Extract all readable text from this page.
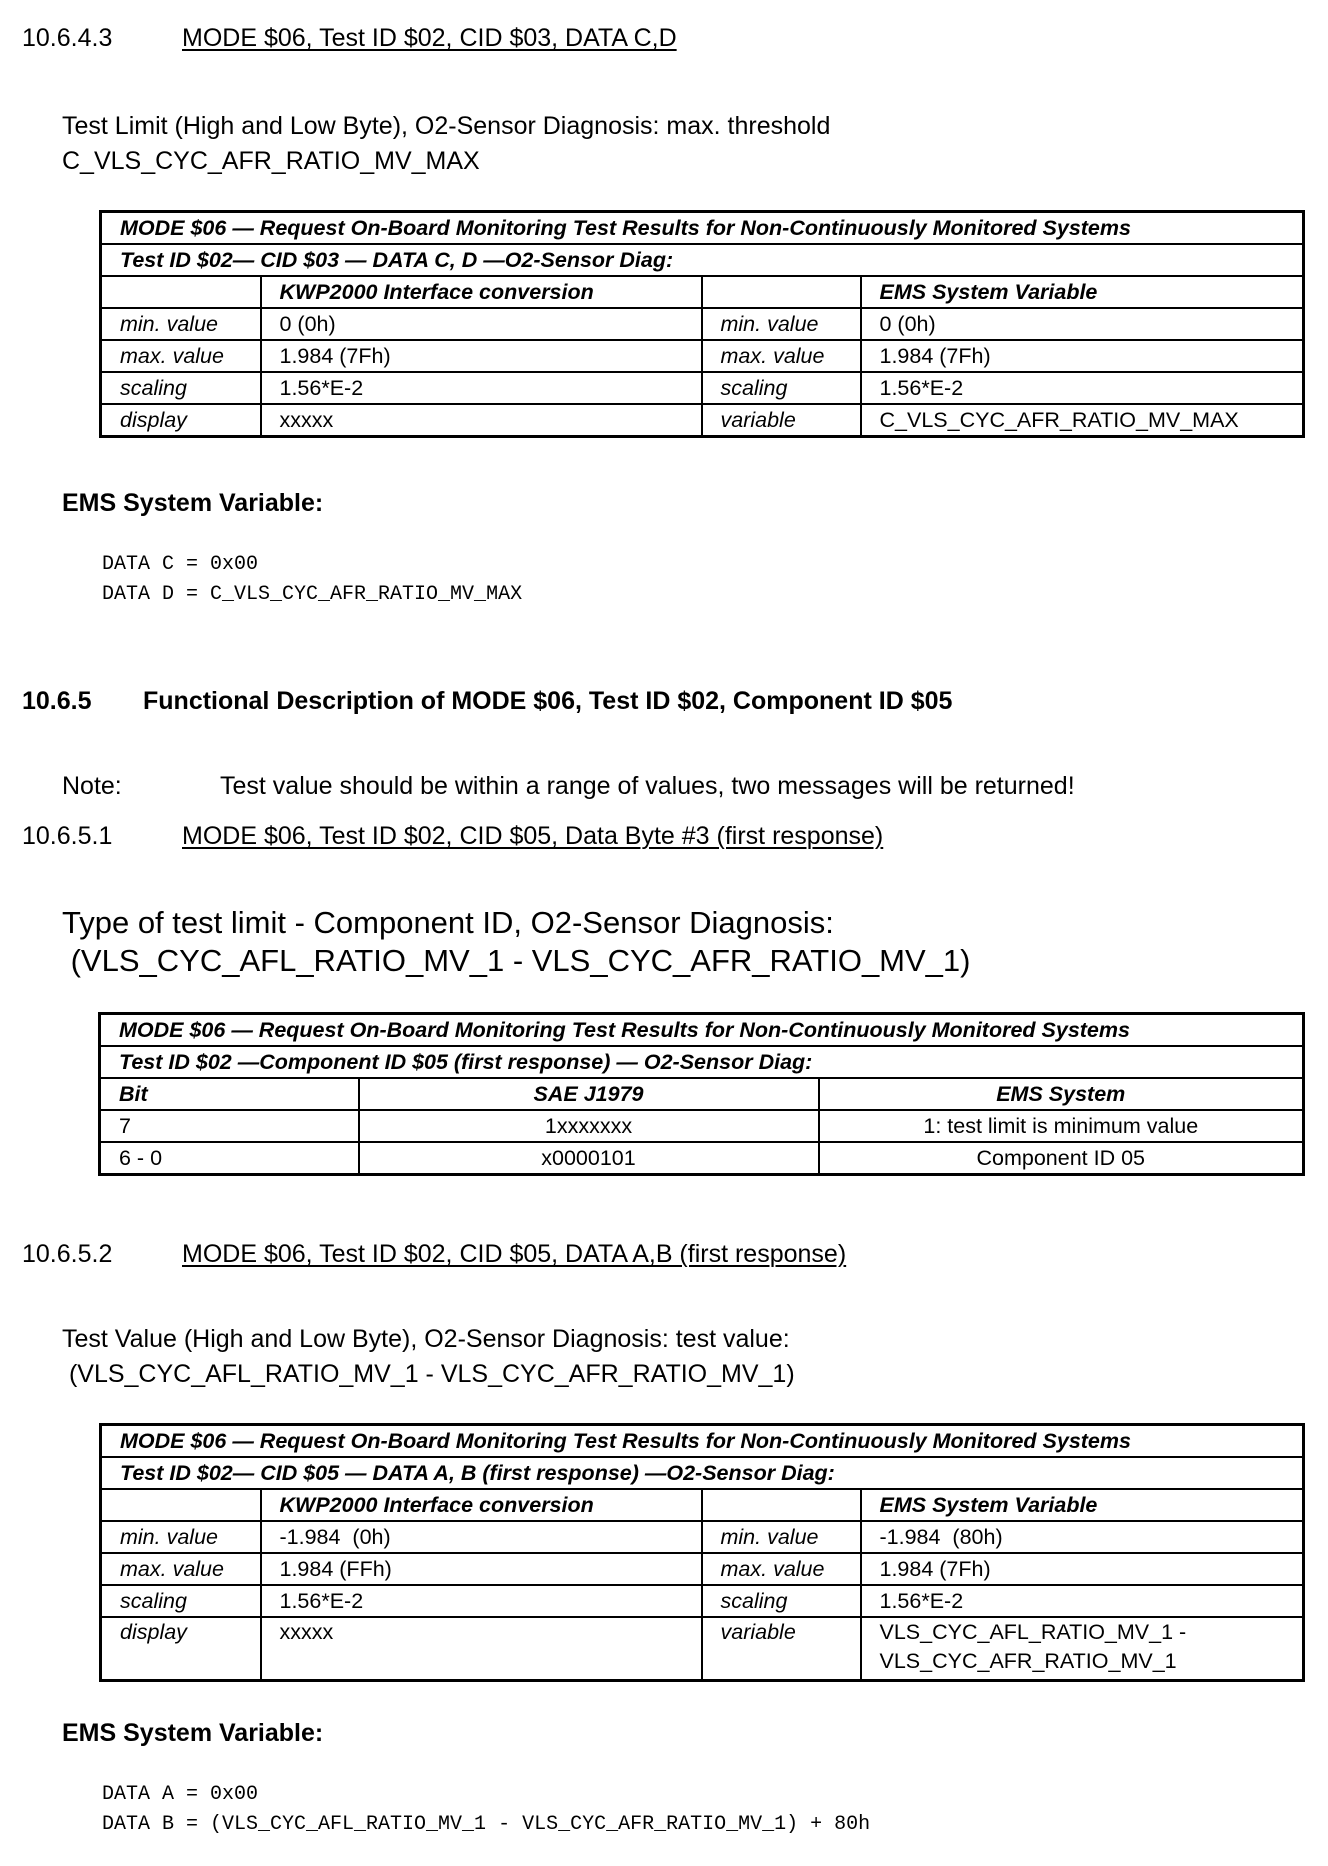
10.6.4.3	MODE $06, Test ID $02, CID $03, DATA C,D
Test Limit (High and Low Byte), O2-Sensor Diagnosis: max. threshold
C_VLS_CYC_AFR_RATIO_MV_MAX
MODE $06 — Request On-Board Monitoring Test Results for Non-Continuously Monitored Systems			
Test ID $02— CID $03 — DATA C, D —O2-Sensor Diag:			
	KWP2000 Interface conversion		EMS System Variable
min. value	0 (0h)	min. value	0 (0h)
max. value	1.984 (7Fh)	max. value	1.984 (7Fh)
scaling	1.56*E-2	scaling	1.56*E-2
display	xxxxx	variable	C_VLS_CYC_AFR_RATIO_MV_MAX
EMS System Variable:
DATA C = 0x00
DATA D = C_VLS_CYC_AFR_RATIO_MV_MAX
10.6.5 Functional Description of MODE $06, Test ID $02, Component ID $05
Note:	Test value should be within a range of values, two messages will be returned!
10.6.5.1	MODE $06, Test ID $02, CID $05, Data Byte #3 (first response)
Type of test limit - Component ID, O2-Sensor Diagnosis:
(VLS_CYC_AFL_RATIO_MV_1 - VLS_CYC_AFR_RATIO_MV_1)
MODE $06 — Request On-Board Monitoring Test Results for Non-Continuously Monitored Systems		
Test ID $02 —Component ID $05 (first response) — O2-Sensor Diag:		
Bit	SAE J1979	EMS System
7	1xxxxxxx	1: test limit is minimum value
6 - 0	x0000101	Component ID 05
10.6.5.2	MODE $06, Test ID $02, CID $05, DATA A,B (first response)
Test Value (High and Low Byte), O2-Sensor Diagnosis: test value:
(VLS_CYC_AFL_RATIO_MV_1 - VLS_CYC_AFR_RATIO_MV_1)
MODE $06 — Request On-Board Monitoring Test Results for Non-Continuously Monitored Systems			
Test ID $02— CID $05 — DATA A, B (first response) —O2-Sensor Diag:			
	KWP2000 Interface conversion		EMS System Variable
min. value	-1.984  (0h)	min. value	-1.984  (80h)
max. value	1.984 (FFh)	max. value	1.984 (7Fh)
scaling	1.56*E-2	scaling	1.56*E-2
display	xxxxx	variable	VLS_CYC_AFL_RATIO_MV_1 -
VLS_CYC_AFR_RATIO_MV_1
EMS System Variable:
DATA A = 0x00
DATA B = (VLS_CYC_AFL_RATIO_MV_1 - VLS_CYC_AFR_RATIO_MV_1) + 80h
